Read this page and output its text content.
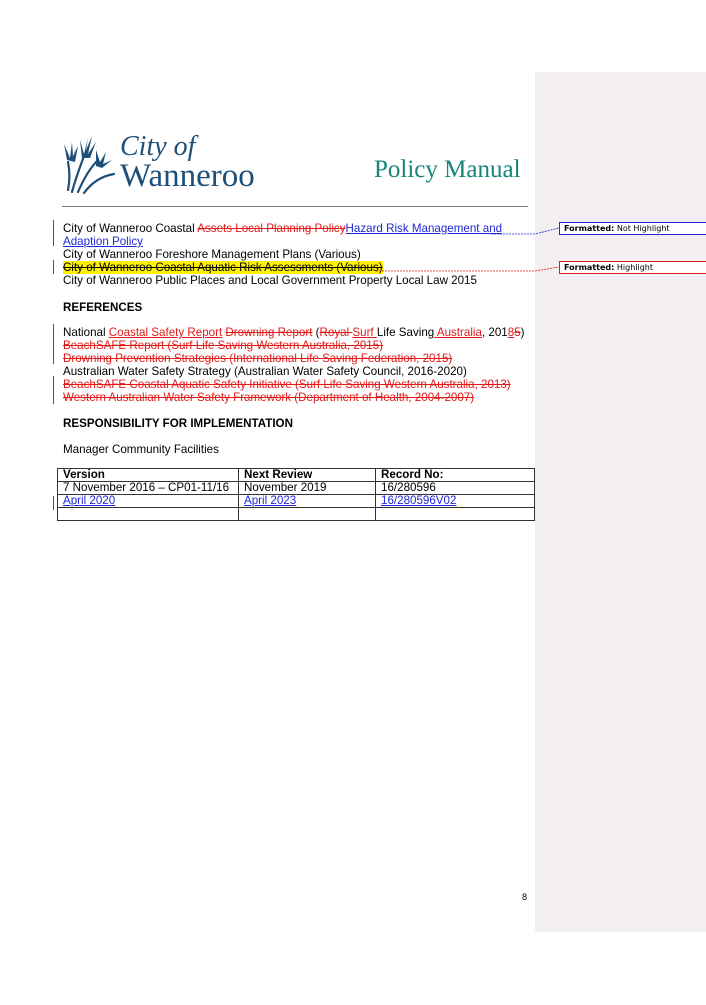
City of
Wanneroo	Policy Manual
City of Wanneroo Coastal Assets Local Planning PolicyHazard Risk Management and
Adaption Policy
City of Wanneroo Foreshore Management Plans (Various)
City of Wanneroo Coastal Aquatic Risk Assessments (Various)
City of Wanneroo Public Places and Local Government Property Local Law 2015
REFERENCES
National Coastal Safety Report Drowning Report (Royal Surf Life Saving Australia, 20185)
BeachSAFE Report (Surf Life Saving Western Australia, 2015)
Drowning Prevention Strategies (International Life Saving Federation, 2015)
Australian Water Safety Strategy (Australian Water Safety Council, 2016-2020)
BeachSAFE Coastal Aquatic Safety Initiative (Surf Life Saving Western Australia, 2013)
Western Australian Water Safety Framework (Department of Health, 2004-2007)
RESPONSIBILITY FOR IMPLEMENTATION
Manager Community Facilities
Version	Next Review	Record No:
7 November 2016 – CP01-11/16	November 2019	16/280596
April 2020	April 2023	16/280596V02

Formatted: Not Highlight
Formatted: Highlight
8
